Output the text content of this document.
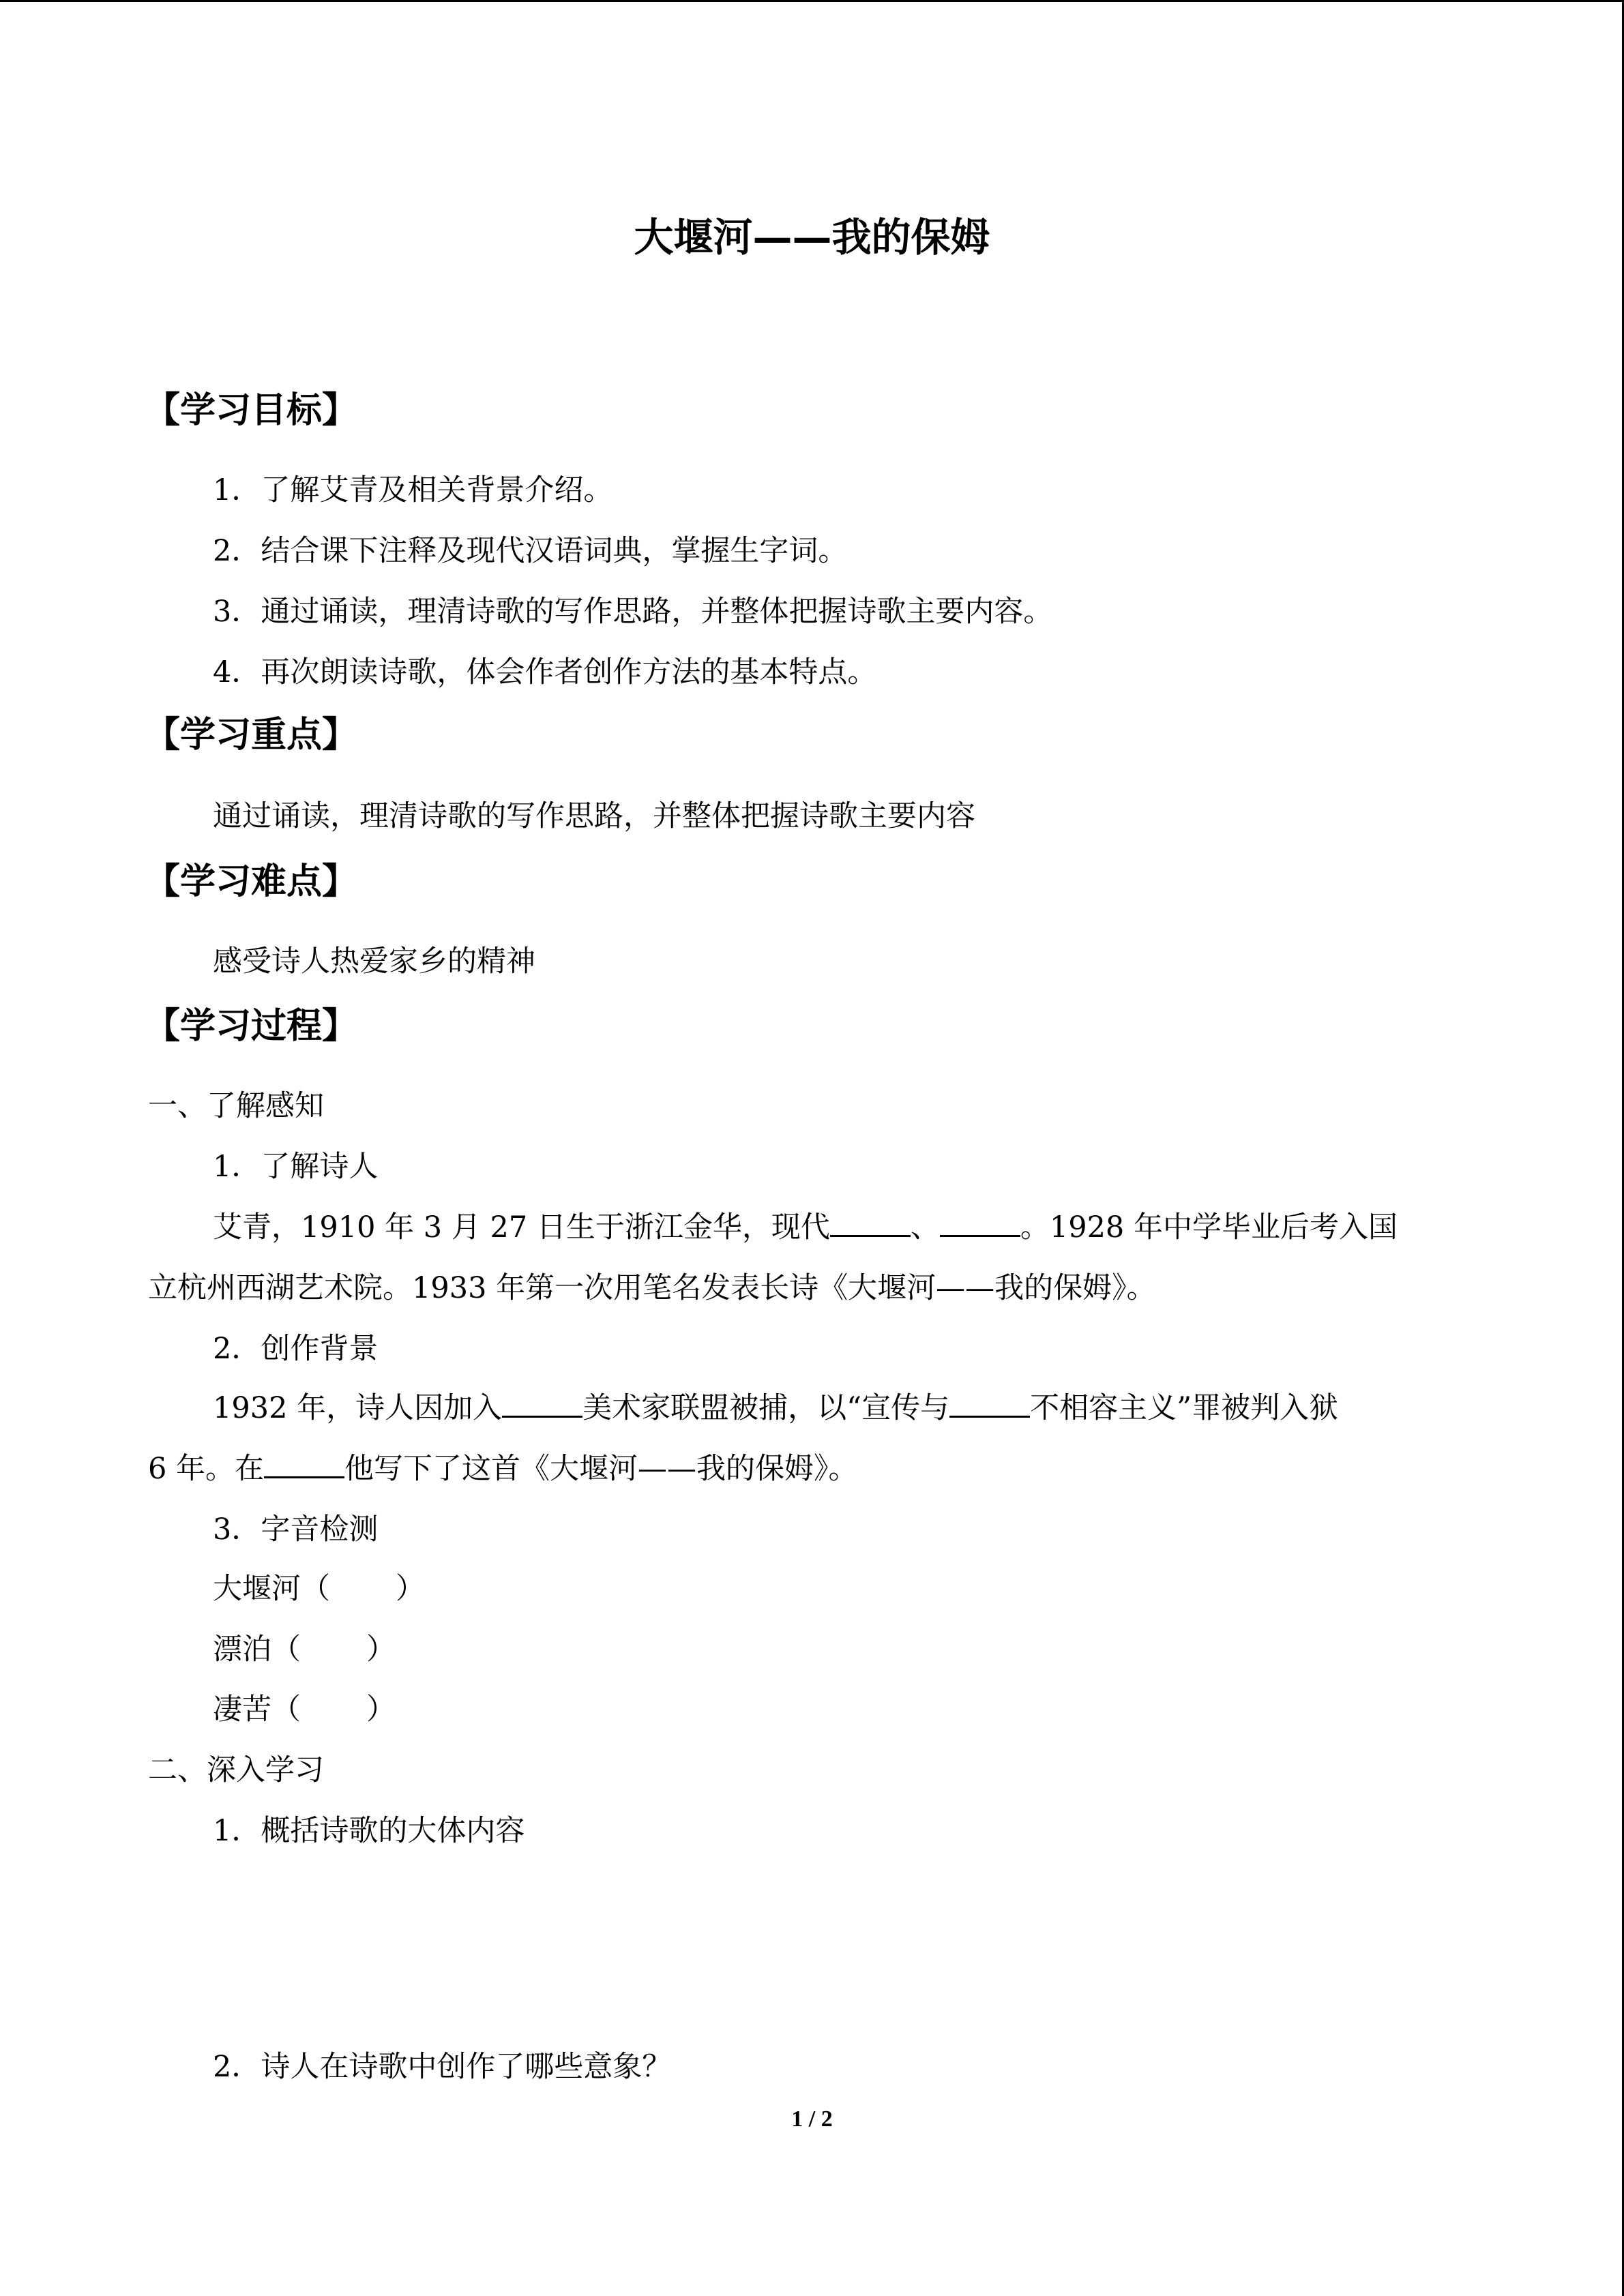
大堰河——我的保姆
【学习目标】
1．了解艾青及相关背景介绍。
2．结合课下注释及现代汉语词典，掌握生字词。
3．通过诵读，理清诗歌的写作思路，并整体把握诗歌主要内容。
4．再次朗读诗歌，体会作者创作方法的基本特点。
【学习重点】
通过诵读，理清诗歌的写作思路，并整体把握诗歌主要内容
【学习难点】
感受诗人热爱家乡的精神
【学习过程】
一、了解感知
1．了解诗人
艾青，1910 年 3 月 27 日生于浙江金华，现代	、	。1928 年中学毕业后考入国
立杭州西湖艺术院。1933 年第一次用笔名发表长诗《大堰河——我的保姆》。
2．创作背景
1932 年，诗人因加入	美术家联盟被捕，以“宣传与	不相容主义”罪被判入狱
6 年。在	他写下了这首《大堰河——我的保姆》。
3．字音检测
大堰河（ ）
漂泊（ ）
凄苦（ ）
二、深入学习
1．概括诗歌的大体内容
2．诗人在诗歌中创作了哪些意象？
1 / 2
